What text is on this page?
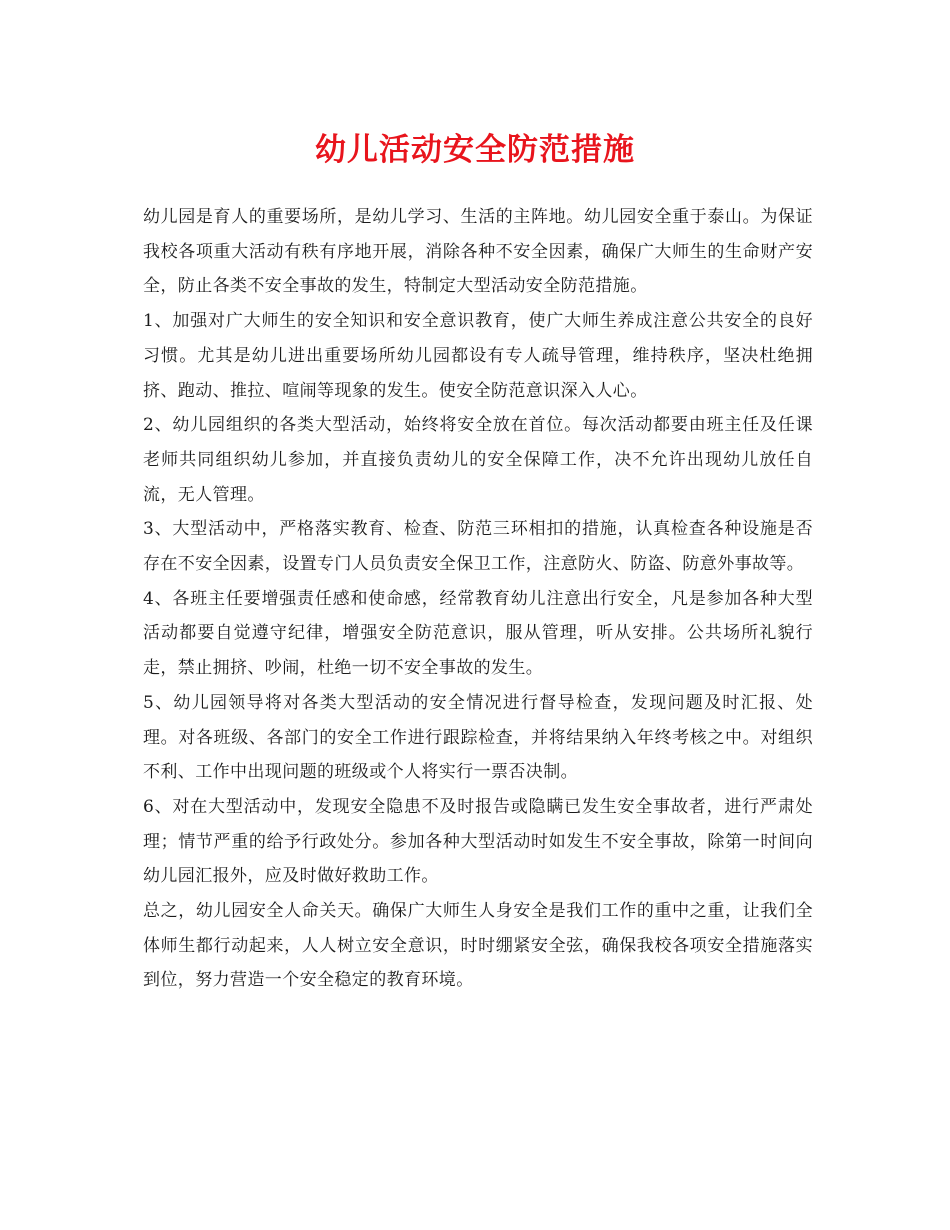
幼儿活动安全防范措施

幼儿园是育人的重要场所，是幼儿学习、生活的主阵地。幼儿园安全重于泰山。为保证我校各项重大活动有秩有序地开展，消除各种不安全因素，确保广大师生的生命财产安全，防止各类不安全事故的发生，特制定大型活动安全防范措施。

1、加强对广大师生的安全知识和安全意识教育，使广大师生养成注意公共安全的良好习惯。尤其是幼儿进出重要场所幼儿园都设有专人疏导管理，维持秩序，坚决杜绝拥挤、跑动、推拉、喧闹等现象的发生。使安全防范意识深入人心。

2、幼儿园组织的各类大型活动，始终将安全放在首位。每次活动都要由班主任及任课老师共同组织幼儿参加，并直接负责幼儿的安全保障工作，决不允许出现幼儿放任自流，无人管理。

3、大型活动中，严格落实教育、检查、防范三环相扣的措施，认真检查各种设施是否存在不安全因素，设置专门人员负责安全保卫工作，注意防火、防盗、防意外事故等。

4、各班主任要增强责任感和使命感，经常教育幼儿注意出行安全，凡是参加各种大型活动都要自觉遵守纪律，增强安全防范意识，服从管理，听从安排。公共场所礼貌行走，禁止拥挤、吵闹，杜绝一切不安全事故的发生。

5、幼儿园领导将对各类大型活动的安全情况进行督导检查，发现问题及时汇报、处理。对各班级、各部门的安全工作进行跟踪检查，并将结果纳入年终考核之中。对组织不利、工作中出现问题的班级或个人将实行一票否决制。

6、对在大型活动中，发现安全隐患不及时报告或隐瞒已发生安全事故者，进行严肃处理；情节严重的给予行政处分。参加各种大型活动时如发生不安全事故，除第一时间向幼儿园汇报外，应及时做好救助工作。

总之，幼儿园安全人命关天。确保广大师生人身安全是我们工作的重中之重，让我们全体师生都行动起来，人人树立安全意识，时时绷紧安全弦，确保我校各项安全措施落实到位，努力营造一个安全稳定的教育环境。
